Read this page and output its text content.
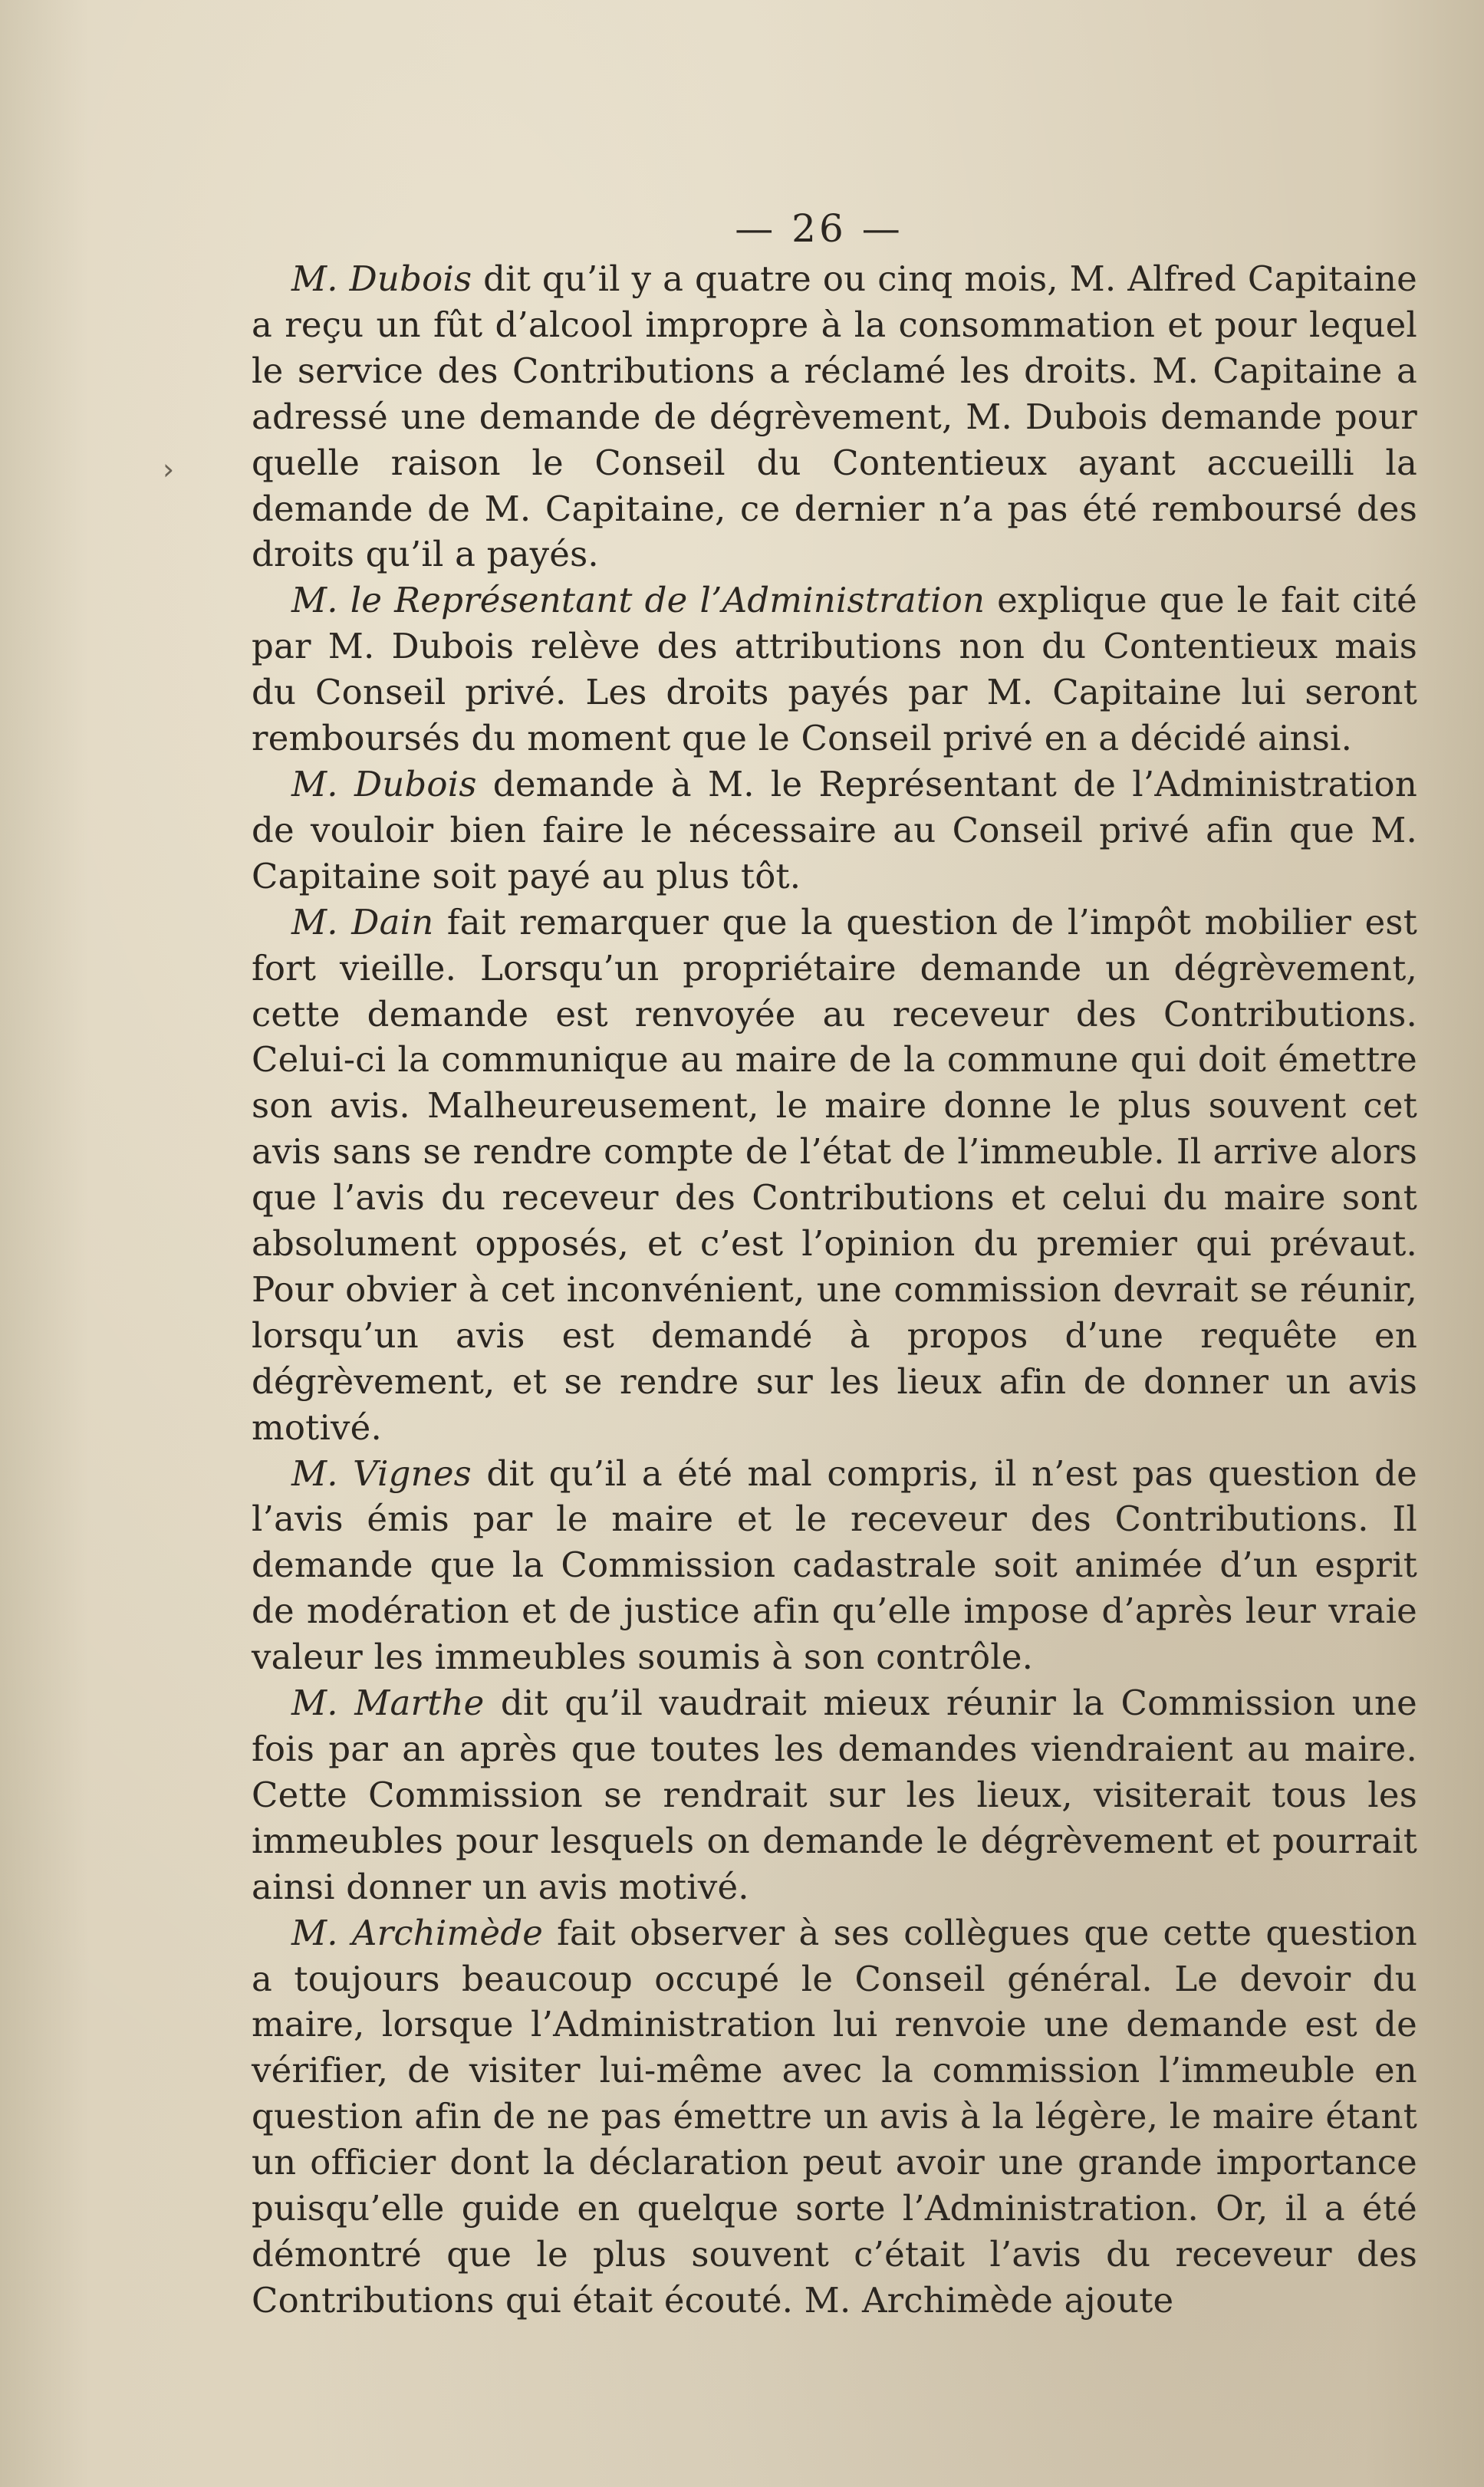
›
— 26 —

M. Dubois dit qu’il y a quatre ou cinq mois, M. Alfred Capitaine a reçu un fût d’alcool impropre à la consommation et pour lequel le service des Contributions a réclamé les droits. M. Capitaine a adressé une demande de dégrèvement, M. Dubois demande pour quelle raison le Conseil du Contentieux ayant accueilli la demande de M. Capitaine, ce dernier n’a pas été remboursé des droits qu’il a payés.

M. le Représentant de l’Administration explique que le fait cité par M. Dubois relève des attributions non du Contentieux mais du Conseil privé. Les droits payés par M. Capitaine lui seront remboursés du moment que le Conseil privé en a décidé ainsi.

M. Dubois demande à M. le Représentant de l’Administration de vouloir bien faire le nécessaire au Conseil privé afin que M. Capitaine soit payé au plus tôt.

M. Dain fait remarquer que la question de l’impôt mobilier est fort vieille. Lorsqu’un propriétaire demande un dégrèvement, cette demande est renvoyée au receveur des Contributions. Celui-ci la communique au maire de la commune qui doit émettre son avis. Malheureusement, le maire donne le plus souvent cet avis sans se rendre compte de l’état de l’immeuble. Il arrive alors que l’avis du receveur des Contributions et celui du maire sont absolument opposés, et c’est l’opinion du premier qui prévaut. Pour obvier à cet inconvénient, une commission devrait se réunir, lorsqu’un avis est demandé à propos d’une requête en dégrèvement, et se rendre sur les lieux afin de donner un avis motivé.

M. Vignes dit qu’il a été mal compris, il n’est pas question de l’avis émis par le maire et le receveur des Contributions. Il demande que la Commission cadastrale soit animée d’un esprit de modération et de justice afin qu’elle impose d’après leur vraie valeur les immeubles soumis à son contrôle.

M. Marthe dit qu’il vaudrait mieux réunir la Commission une fois par an après que toutes les demandes viendraient au maire. Cette Commission se rendrait sur les lieux, visiterait tous les immeubles pour lesquels on demande le dégrèvement et pourrait ainsi donner un avis motivé.

M. Archimède fait observer à ses collègues que cette question a toujours beaucoup occupé le Conseil général. Le devoir du maire, lorsque l’Administration lui renvoie une demande est de vérifier, de visiter lui-même avec la commission l’immeuble en question afin de ne pas émettre un avis à la légère, le maire étant un officier dont la déclaration peut avoir une grande importance puisqu’elle guide en quelque sorte l’Administration. Or, il a été démontré que le plus souvent c’était l’avis du receveur des Contributions qui était écouté. M. Archimède ajoute
